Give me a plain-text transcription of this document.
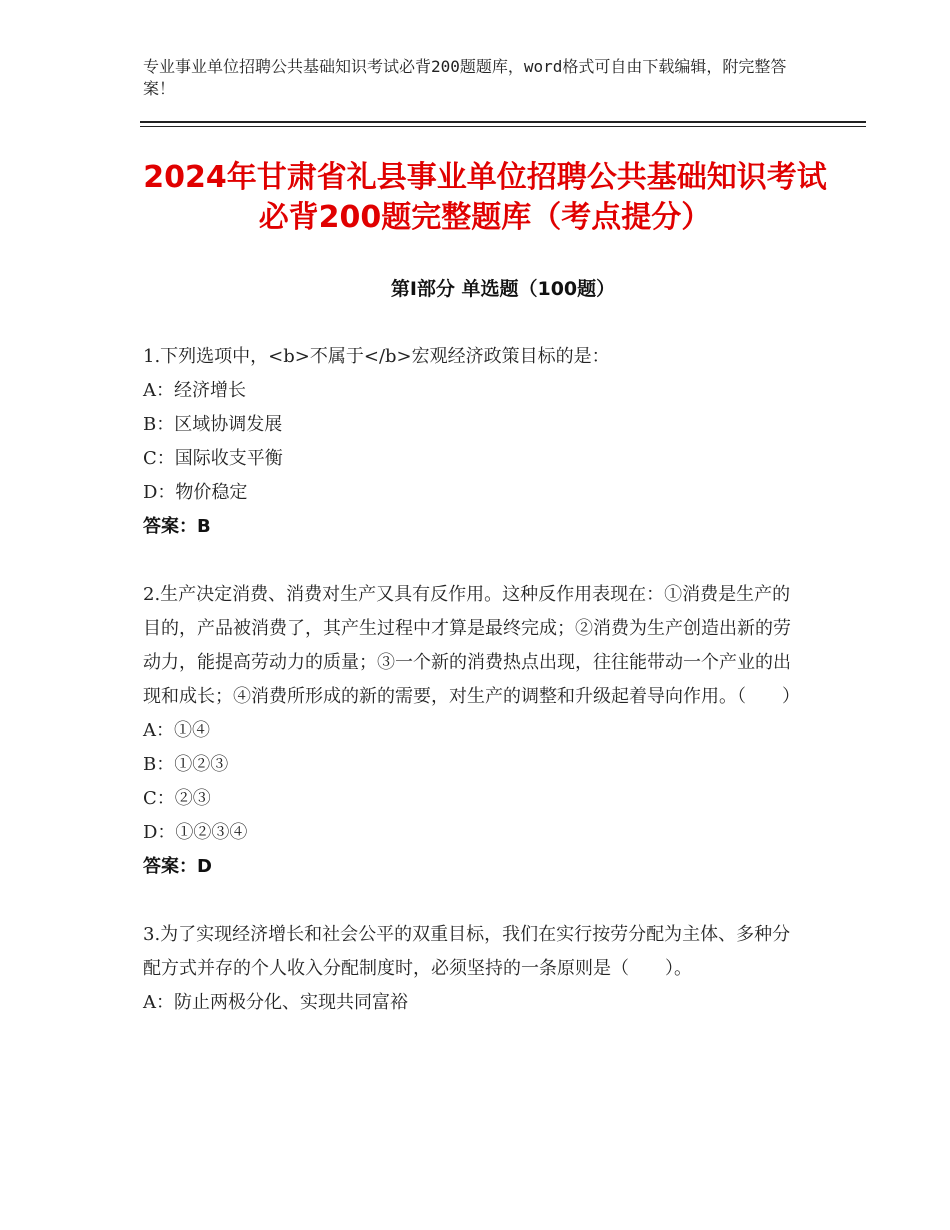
专业事业单位招聘公共基础知识考试必背200题题库，word格式可自由下载编辑，附完整答案！
2024年甘肃省礼县事业单位招聘公共基础知识考试必背200题完整题库（考点提分）
第I部分 单选题（100题）

1.下列选项中，<b>不属于</b>宏观经济政策目标的是：

A：经济增长

B：区域协调发展

C：国际收支平衡

D：物价稳定

答案：B

2.生产决定消费、消费对生产又具有反作用。这种反作用表现在：①消费是生产的目的，产品被消费了，其产生过程中才算是最终完成；②消费为生产创造出新的劳动力，能提高劳动力的质量；③一个新的消费热点出现，往往能带动一个产业的出现和成长；④消费所形成的新的需要，对生产的调整和升级起着导向作用。（　　）

A：①④

B：①②③

C：②③

D：①②③④

答案：D

3.为了实现经济增长和社会公平的双重目标，我们在实行按劳分配为主体、多种分配方式并存的个人收入分配制度时，必须坚持的一条原则是（　　）。

A：防止两极分化、实现共同富裕
